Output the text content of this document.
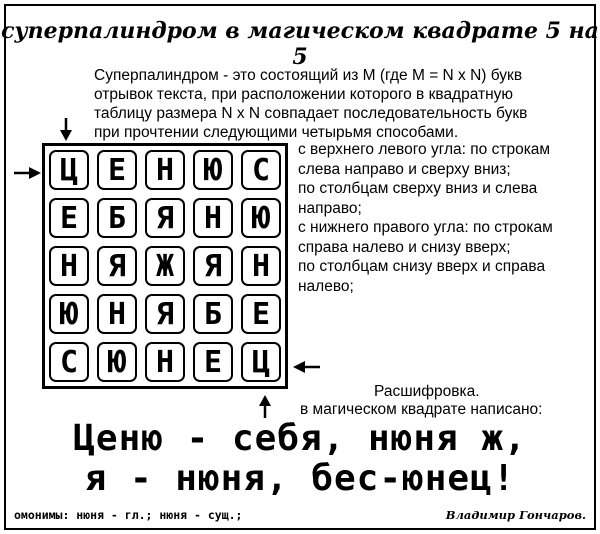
суперпалиндром в магическом квадрате 5 на 5
Суперпалиндром - это состоящий из M (где M = N x N) букв
отрывок текста, при расположении которого в квадратную
таблицу размера N x N совпадает последовательность букв
при прочтении следующими четырьмя способами.
с верхнего левого угла: по строкам
слева направо и сверху вниз;
по столбцам сверху вниз и слева
направо;
с нижнего правого угла: по строкам
справа налево и снизу вверх;
по столбцам снизу вверх и справа
налево;
Ц Е Н Ю С
Е Б Я Н Ю
Н Я Ж Я Н
Ю Н Я Б Е
С Ю Н Е Ц
Расшифровка.
в магическом квадрате написано:
Ценю - себя, нюня ж,
я - нюня, бес-юнец!
омонимы: нюня - гл.; нюня - сущ.;	Владимир Гончаров.
